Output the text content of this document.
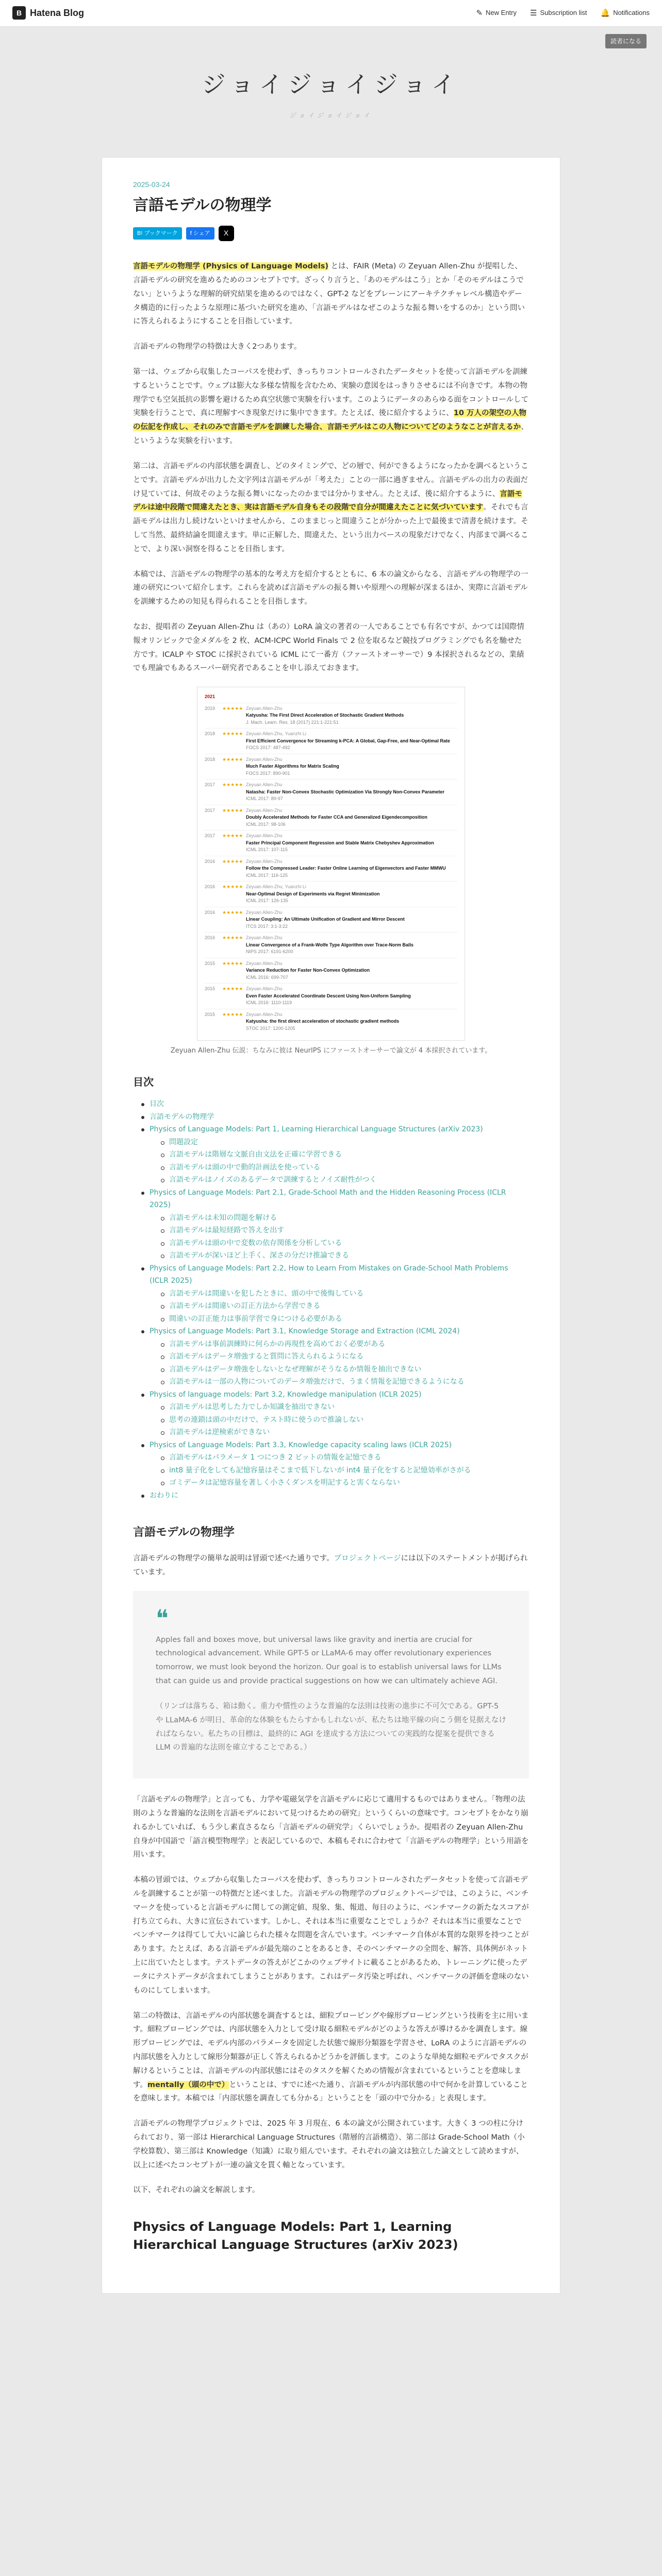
B Hatena Blog	✎ New Entry ☰ Subscription list 🔔 Notifications
読者になる
ジョイジョイジョイ
ジョイジョイジョイ
2025-03-24
言語モデルの物理学
B! ブックマーク	f シェア	X

言語モデルの物理学 (Physics of Language Models) とは、FAIR (Meta) の Zeyuan Allen-Zhu が提唱した、言語モデルの研究を進めるためのコンセプトです。ざっくり言うと、「あのモデルはこう」とか「そのモデルはこうでない」というような理解的研究結果を進めるのではなく、GPT-2 などをプレーンにアーキテクチャレベル構造やデータ構造的に行ったような原理に基づいた研究を進め、「言語モデルはなぜこのような振る舞いをするのか」という問いに答えられるようにすることを目指しています。

言語モデルの物理学の特徴は大きく2つあります。

第一は、ウェブから収集したコーパスを使わず、きっちりコントロールされたデータセットを使って言語モデルを訓練するということです。ウェブは膨大な多様な情報を含むため、実験の意図をはっきりさせるには不向きです。本物の物理学でも空気抵抗の影響を避けるため真空状態で実験を行います。このようにデータのあらゆる面をコントロールして実験を行うことで、真に理解すべき現象だけに集中できます。たとえば、後に紹介するように、10 万人の架空の人物の伝記を作成し、それのみで言語モデルを訓練した場合、言語モデルはこの人物についてどのようなことが言えるか、というような実験を行います。

第二は、言語モデルの内部状態を調査し、どのタイミングで、どの層で、何ができるようになったかを調べるということです。言語モデルが出力した文字列は言語モデルが「考えた」ことの一部に過ぎません。言語モデルの出力の表面だけ見ていては、何故そのような振る舞いになったのかまでは分かりません。たとえば、後に紹介するように、言語モデルは途中段階で間違えたとき、実は言語モデル自身もその段階で自分が間違えたことに気づいています。それでも言語モデルは出力し続けないといけませんから、このままじっと間違うことが分かった上で最後まで清書を続けます。そして当然、最終結論を間違えます。単に正解した、間違えた、という出力ベースの現象だけでなく、内部まで調べることで、より深い洞察を得ることを目指します。

本稿では、言語モデルの物理学の基本的な考え方を紹介するとともに、6 本の論文からなる、言語モデルの物理学の一連の研究について紹介します。これらを読めば言語モデルの振る舞いや原理への理解が深まるほか、実際に言語モデルを訓練するための知見も得られることを目指します。

なお、提唱者の Zeyuan Allen-Zhu は（あの）LoRA 論文の著者の一人であることでも有名ですが、かつては国際情報オリンピックで金メダルを 2 枚、ACM-ICPC World Finals で 2 位を取るなど競技プログラミングでも名を馳せた方です。ICALP や STOC に採択されている ICML にて一番方（ファーストオーサーで）9 本採択されるなどの、業績でも理論でもあるスーパー研究者であることを申し添えておきます。

2021
2019	★★★★★ Zeyuan Allen-Zhu
Katyusha: The First Direct Acceleration of Stochastic Gradient Methods
J. Mach. Learn. Res. 18 (2017) 221:1-221:51
2018	★★★★★ Zeyuan Allen-Zhu, Yuanzhi Li
First Efficient Convergence for Streaming k-PCA: A Global, Gap-Free, and Near-Optimal Rate
FOCS 2017: 487-492
2018	★★★★★ Zeyuan Allen-Zhu
Much Faster Algorithms for Matrix Scaling
FOCS 2017: 890-901
2017	★★★★★ Zeyuan Allen-Zhu
Natasha: Faster Non-Convex Stochastic Optimization Via Strongly Non-Convex Parameter
ICML 2017: 89-97
2017	★★★★★ Zeyuan Allen-Zhu
Doubly Accelerated Methods for Faster CCA and Generalized Eigendecomposition
ICML 2017: 98-106
2017	★★★★★ Zeyuan Allen-Zhu
Faster Principal Component Regression and Stable Matrix Chebyshev Approximation
ICML 2017: 107-115
2016	★★★★★ Zeyuan Allen-Zhu
Follow the Compressed Leader: Faster Online Learning of Eigenvectors and Faster MMWU
ICML 2017: 116-125
2016	★★★★★ Zeyuan Allen-Zhu, Yuanzhi Li
Near-Optimal Design of Experiments via Regret Minimization
ICML 2017: 126-135
2016	★★★★★ Zeyuan Allen-Zhu
Linear Coupling: An Ultimate Unification of Gradient and Mirror Descent
ITCS 2017: 3:1-3:22
2016	★★★★★ Zeyuan Allen-Zhu
Linear Convergence of a Frank-Wolfe Type Algorithm over Trace-Norm Balls
NIPS 2017: 6191-6200
2015	★★★★★ Zeyuan Allen-Zhu
Variance Reduction for Faster Non-Convex Optimization
ICML 2016: 699-707
2015	★★★★★ Zeyuan Allen-Zhu
Even Faster Accelerated Coordinate Descent Using Non-Uniform Sampling
ICML 2016: 1110-1119
2015	★★★★★ Zeyuan Allen-Zhu
Katyusha: the first direct acceleration of stochastic gradient methods
STOC 2017: 1200-1205
Zeyuan Allen-Zhu 伝説：ちなみに彼は NeurIPS にファーストオーサーで論文が 4 本採択されています。
目次
目次
言語モデルの物理学
Physics of Language Models: Part 1, Learning Hierarchical Language Structures (arXiv 2023)
問題設定
言語モデルは階層な文脈自由文法を正確に学習できる
言語モデルは頭の中で動的計画法を使っている
言語モデルはノイズのあるデータで訓練するとノイズ耐性がつく
Physics of Language Models: Part 2.1, Grade-School Math and the Hidden Reasoning Process (ICLR 2025)
言語モデルは未知の問題を解ける
言語モデルは最短経路で答えを出す
言語モデルは頭の中で変数の依存関係を分析している
言語モデルが深いほど上手く、深さの分だけ推論できる
Physics of Language Models: Part 2.2, How to Learn From Mistakes on Grade-School Math Problems (ICLR 2025)
言語モデルは間違いを犯したときに、頭の中で後悔している
言語モデルは間違いの訂正方法から学習できる
間違いの訂正能力は事前学習で身につける必要がある
Physics of Language Models: Part 3.1, Knowledge Storage and Extraction (ICML 2024)
言語モデルは事前訓練時に何らかの再現性を高めておく必要がある
言語モデルはデータ増強すると質問に答えられるようになる
言語モデルはデータ増強をしないとなぜ理解がそうなるか情報を抽出できない
言語モデルは一部の人物についてのデータ増強だけで、うまく情報を記憶できるようになる
Physics of language models: Part 3.2, Knowledge manipulation (ICLR 2025)
言語モデルは思考した力でしか知識を抽出できない
思考の連鎖は頭の中だけで、テスト時に使うので推論しない
言語モデルは逆検索ができない
Physics of Language Models: Part 3.3, Knowledge capacity scaling laws (ICLR 2025)
言語モデルはパラメータ 1 つにつき 2 ビットの情報を記憶できる
int8 量子化をしても記憶容量はそこまで低下しないが int4 量子化をすると記憶効率がさがる
ゴミデータは記憶容量を著しく小さくダンスを明記すると害くならない
おわりに
言語モデルの物理学

言語モデルの物理学の簡単な説明は冒頭で述べた通りです。プロジェクトページには以下のステートメントが掲げられています。

❝

Apples fall and boxes move, but universal laws like gravity and inertia are crucial for technological advancement. While GPT-5 or LLaMA-6 may offer revolutionary experiences tomorrow, we must look beyond the horizon. Our goal is to establish universal laws for LLMs that can guide us and provide practical suggestions on how we can ultimately achieve AGI.

（リンゴは落ちる、箱は動く。重力や慣性のような普遍的な法則は技術の進歩に不可欠である。GPT-5 や LLaMA-6 が明日、革命的な体験をもたらすかもしれないが、私たちは地平線の向こう側を見据えなければならない。私たちの目標は、最終的に AGI を達成する方法についての実践的な提案を提供できる LLM の普遍的な法則を確立することである。）

「言語モデルの物理学」と言っても、力学や電磁気学を言語モデルに応じて適用するものではありません。「物理の法則のような普遍的な法則を言語モデルにおいて見つけるための研究」というくらいの意味です。コンセプトをかなり崩れるかしていれば、もう少し素直さるなら「言語モデルの研究学」くらいでしょうか。提唱者の Zeyuan Allen-Zhu 自身が中国語で「語言模型物理学」と表記しているので、本稿もそれに合わせて「言語モデルの物理学」という用語を用います。

本稿の冒頭では、ウェブから収集したコーパスを使わず、きっちりコントロールされたデータセットを使って言語モデルを訓練することが第一の特徴だと述べました。言語モデルの物理学のプロジェクトページでは、このように、ベンチマークを使っていると言語モデルに関しての測定値、現象、集、報道、毎日のように、ベンチマークの新たなスコアが打ち立てられ、大きに宣伝されています。しかし、それは本当に重要なことでしょうか？それは本当に重要なことでベンチマークは得てして大いに論じられた様々な問題を含んでいます。ベンチマーク自体が本質的な限界を持つことがあります。たとえば、ある言語モデルが最先端のことをあるとき、そのベンチマークの全問を、解答、具体例がネット上に出ていたとします。テストデータの答えがどこかのウェブサイトに載ることがあるため、トレーニングに使ったデータにテストデータが含まれてしまうことがあります。これはデータ汚染と呼ばれ、ベンチマークの評価を意味のないものにしてしまいます。

第二の特徴は、言語モデルの内部状態を調査するとは、細粒プロービングや線形プロービングという技術を主に用います。細粒プロービングでは、内部状態を入力として受け取る細粒モデルがどのような答えが導けるかを調査します。線形プロービングでは、モデル内部のパラメータを固定した状態で線形分類器を学習させ、LoRA のように言語モデルの内部状態を入力として線形分類器が正しく答えられるかどうかを評価します。このような単純な細粒モデルでタスクが解けるということは、言語モデルの内部状態にはそのタスクを解くための情報が含まれているということを意味します。mentally（頭の中で）ということは、すでに述べた通り、言語モデルが内部状態の中で何かを計算していることを意味します。本稿では「内部状態を調査しても分かる」ということを「頭の中で分かる」と表現します。

言語モデルの物理学プロジェクトでは、2025 年 3 月現在、6 本の論文が公開されています。大きく 3 つの柱に分けられており、第一部は Hierarchical Language Structures（階層的言語構造）、第二部は Grade-School Math（小学校算数）、第三部は Knowledge（知識）に取り組んでいます。それぞれの論文は独立した論文として読めますが、以上に述べたコンセプトが一連の論文を貫く軸となっています。

以下、それぞれの論文を解説します。

Physics of Language Models: Part 1, Learning Hierarchical Language Structures (arXiv 2023)
